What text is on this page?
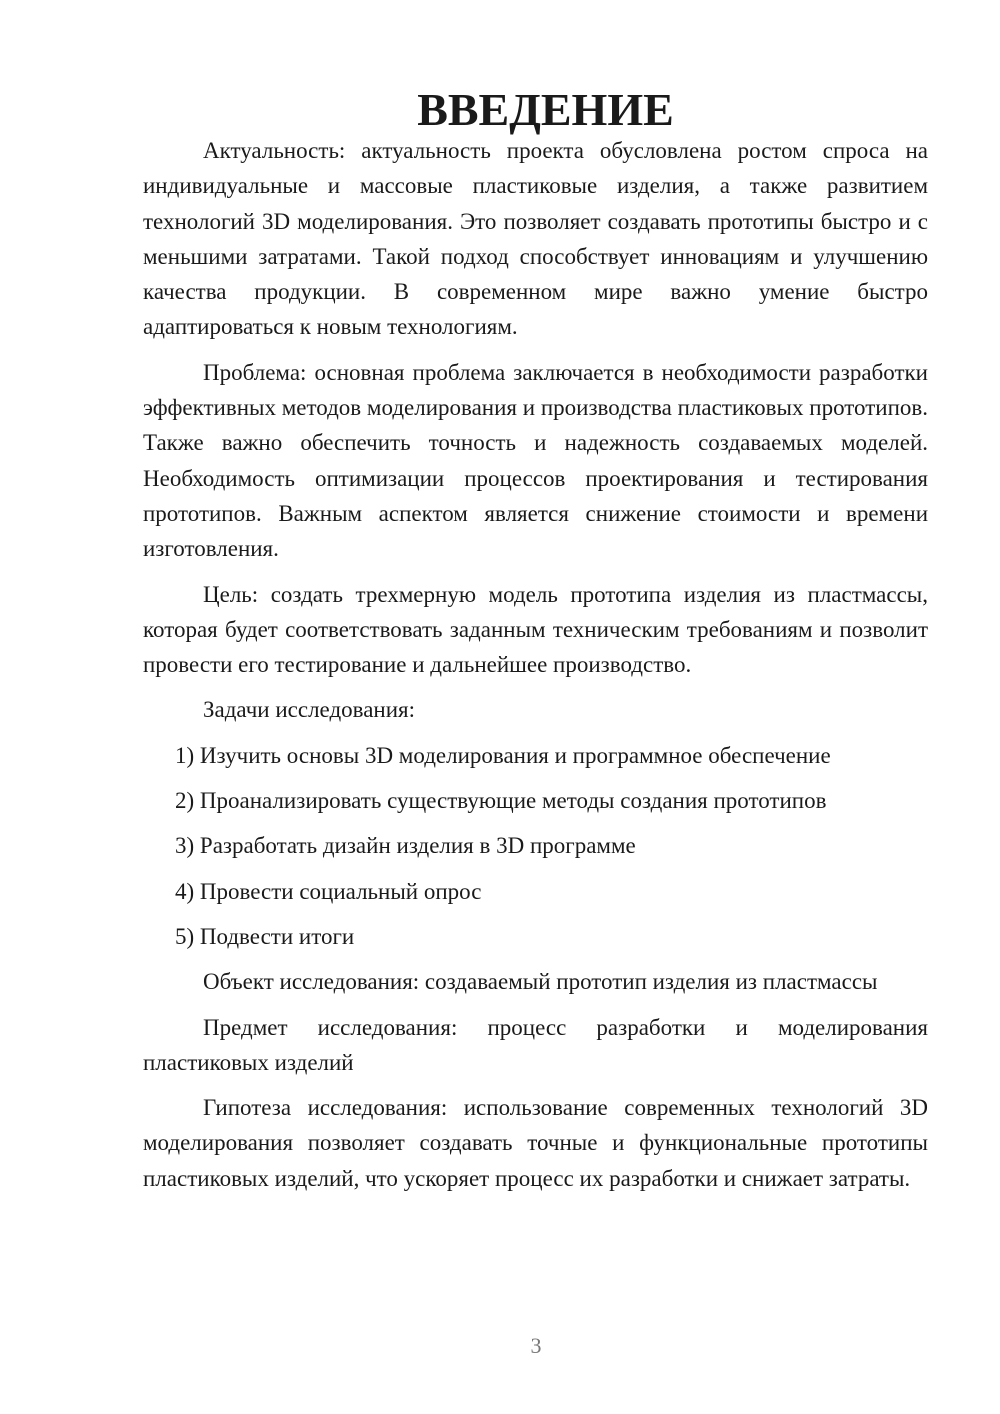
ВВЕДЕНИЕ

Актуальность: актуальность проекта обусловлена ростом спроса на индивидуальные и массовые пластиковые изделия, а также развитием технологий 3D моделирования. Это позволяет создавать прототипы быстро и с меньшими затратами. Такой подход способствует инновациям и улучшению качества продукции. В современном мире важно умение быстро адаптироваться к новым технологиям.

Проблема: основная проблема заключается в необходимости разработки эффективных методов моделирования и производства пластиковых прототипов. Также важно обеспечить точность и надежность создаваемых моделей. Необходимость оптимизации процессов проектирования и тестирования прототипов. Важным аспектом является снижение стоимости и времени изготовления.

Цель: создать трехмерную модель прототипа изделия из пластмассы, которая будет соответствовать заданным техническим требованиям и позволит провести его тестирование и дальнейшее производство.

Задачи исследования:

1) Изучить основы 3D моделирования и программное обеспечение
2) Проанализировать существующие методы создания прототипов
3) Разработать дизайн изделия в 3D программе
4) Провести социальный опрос
5) Подвести итоги

Объект исследования: создаваемый прототип изделия из пластмассы

Предмет исследования: процесс разработки и моделирования пластиковых изделий

Гипотеза исследования: использование современных технологий 3D моделирования позволяет создавать точные и функциональные прототипы пластиковых изделий, что ускоряет процесс их разработки и снижает затраты.

3
